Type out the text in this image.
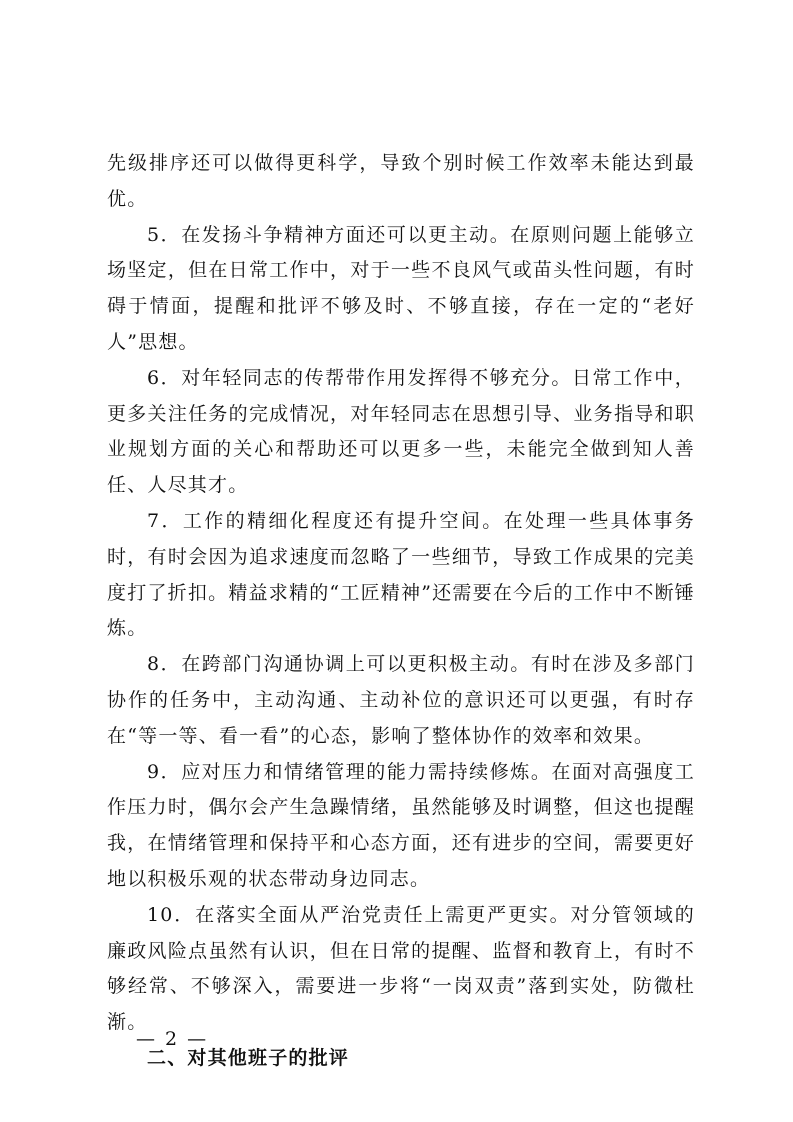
先级排序还可以做得更科学，导致个别时候工作效率未能达到最优。

5．在发扬斗争精神方面还可以更主动。在原则问题上能够立场坚定，但在日常工作中，对于一些不良风气或苗头性问题，有时碍于情面，提醒和批评不够及时、不够直接，存在一定的“老好人”思想。

6．对年轻同志的传帮带作用发挥得不够充分。日常工作中，更多关注任务的完成情况，对年轻同志在思想引导、业务指导和职业规划方面的关心和帮助还可以更多一些，未能完全做到知人善任、人尽其才。

7．工作的精细化程度还有提升空间。在处理一些具体事务时，有时会因为追求速度而忽略了一些细节，导致工作成果的完美度打了折扣。精益求精的“工匠精神”还需要在今后的工作中不断锤炼。

8．在跨部门沟通协调上可以更积极主动。有时在涉及多部门协作的任务中，主动沟通、主动补位的意识还可以更强，有时存在“等一等、看一看”的心态，影响了整体协作的效率和效果。

9．应对压力和情绪管理的能力需持续修炼。在面对高强度工作压力时，偶尔会产生急躁情绪，虽然能够及时调整，但这也提醒我，在情绪管理和保持平和心态方面，还有进步的空间，需要更好地以积极乐观的状态带动身边同志。

10．在落实全面从严治党责任上需更严更实。对分管领域的廉政风险点虽然有认识，但在日常的提醒、监督和教育上，有时不够经常、不够深入，需要进一步将“一岗双责”落到实处，防微杜渐。

二、对其他班子的批评

— 2 —
